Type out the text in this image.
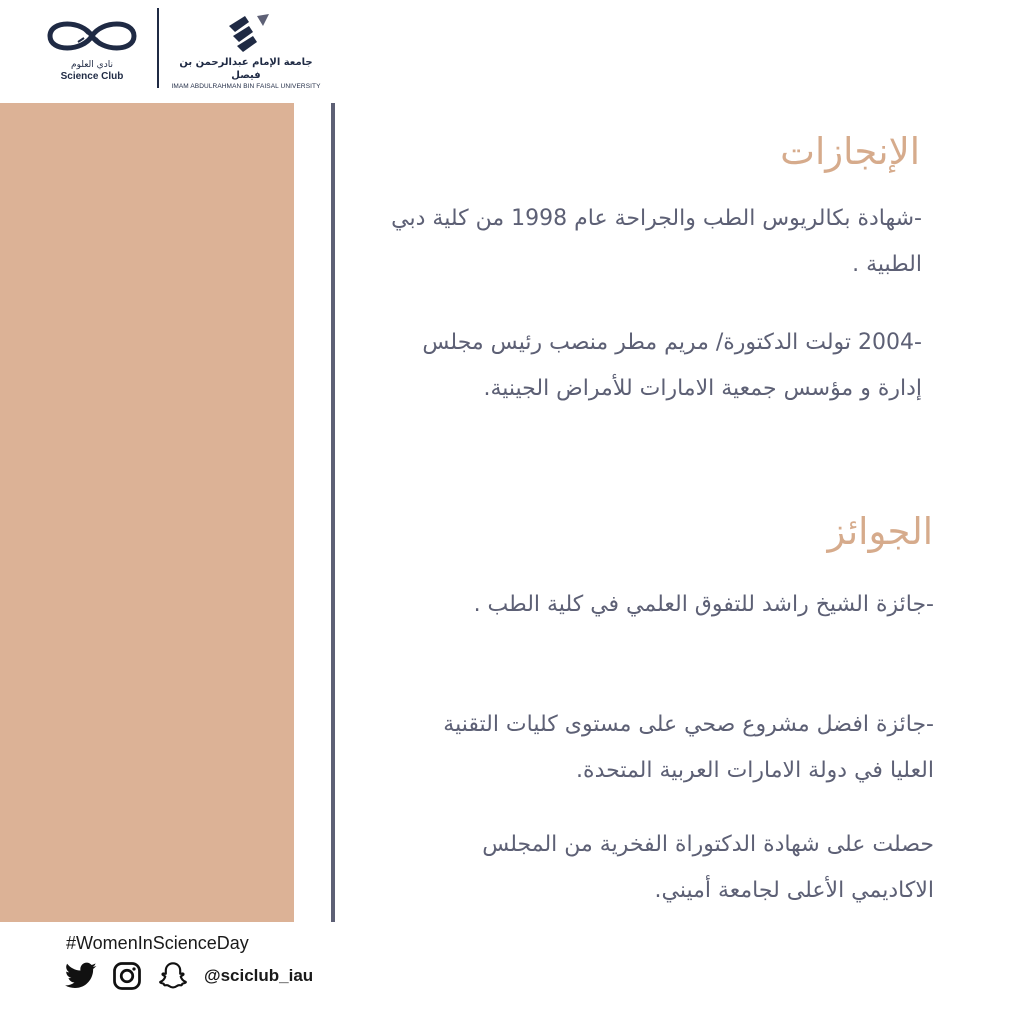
نادي العلوم
Science Club
جامعة الإمام عبدالرحمن بن فيصل
IMAM ABDULRAHMAN BIN FAISAL UNIVERSITY
الإنجازات
-شهادة بكالريوس الطب والجراحة عام 1998 من كلية دبي الطبية .
-2004 تولت الدكتورة/ مريم مطر منصب رئيس مجلس إدارة و مؤسس جمعية الامارات للأمراض الجينية.
الجوائز
-جائزة الشيخ راشد للتفوق العلمي في كلية الطب .
-جائزة افضل مشروع صحي على مستوى كليات التقنية العليا في دولة الامارات العربية المتحدة.
حصلت على شهادة الدكتوراة الفخرية من المجلس الاكاديمي الأعلى لجامعة أميني.
#WomenInScienceDay
@sciclub_iau
